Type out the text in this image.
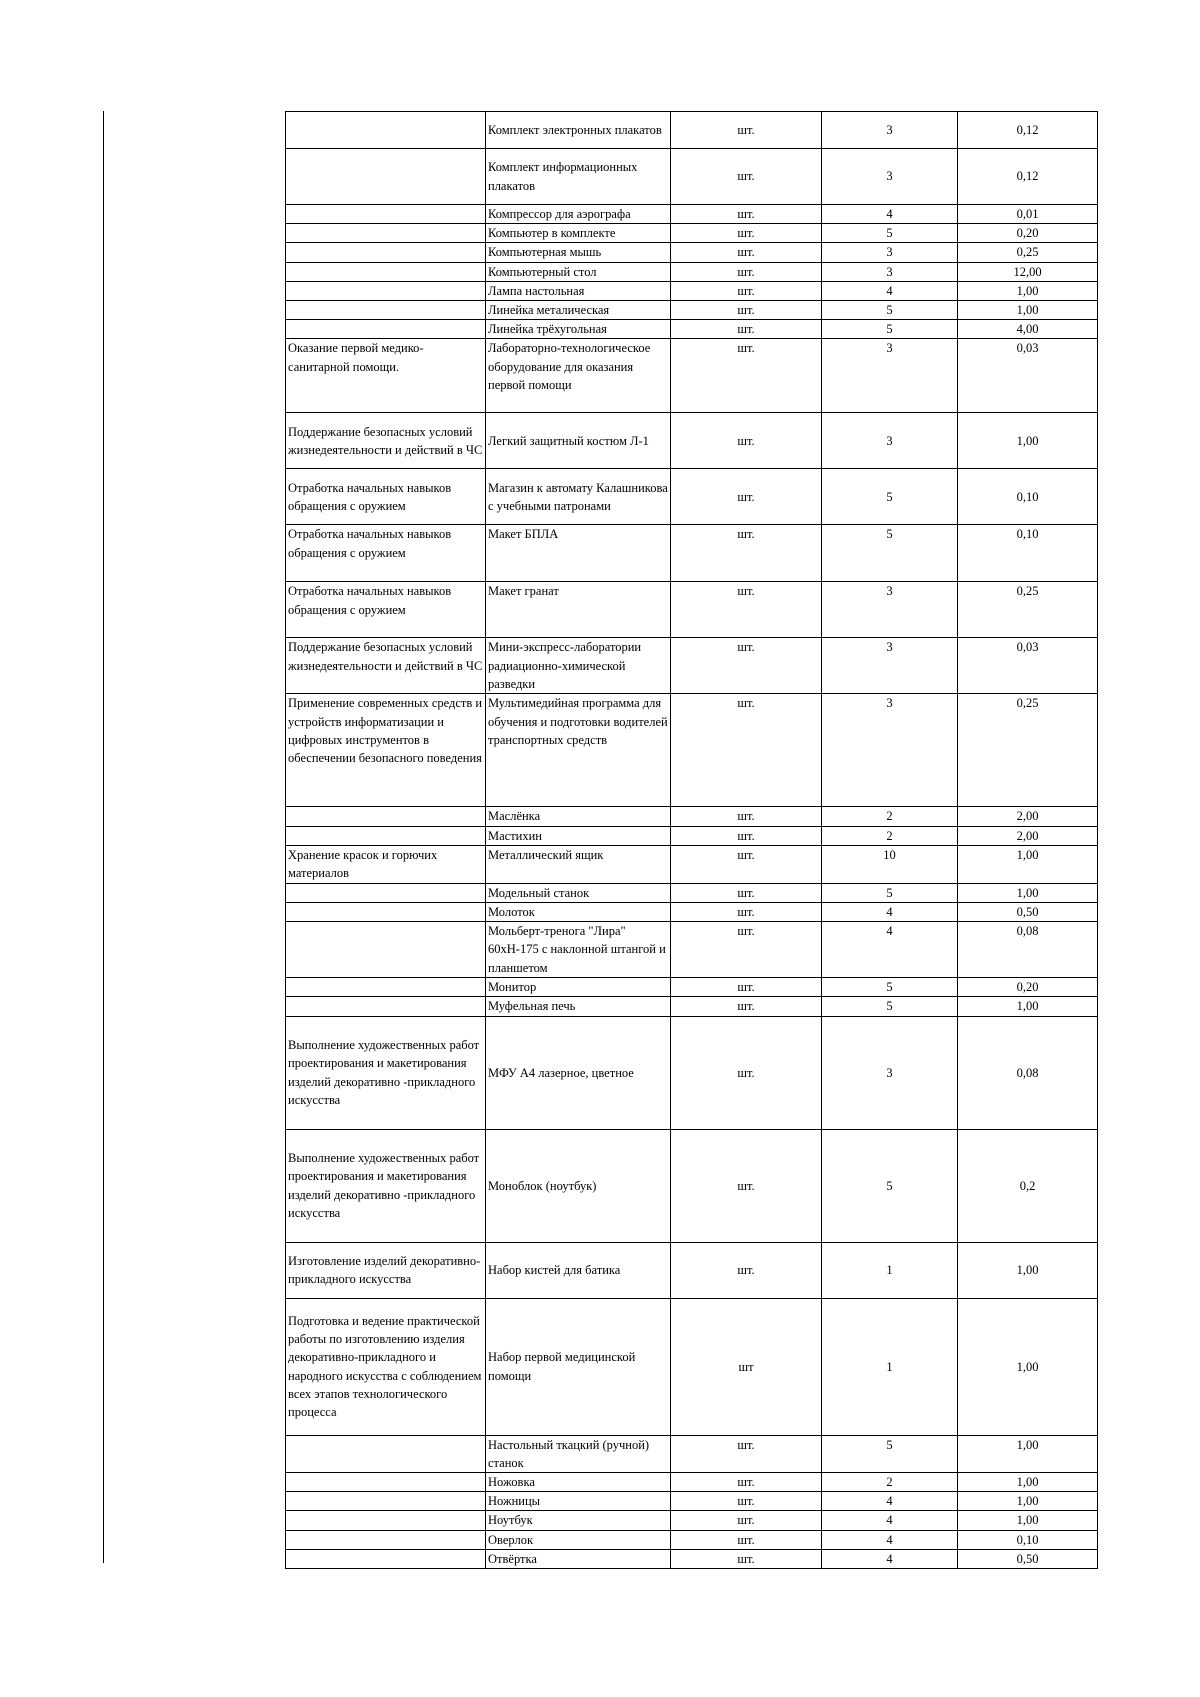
	Комплект электронных плакатов	шт.	3	0,12
	Комплект информационных плакатов	шт.	3	0,12
	Компрессор для аэрографа	шт.	4	0,01
	Компьютер в комплекте	шт.	5	0,20
	Компьютерная мышь	шт.	3	0,25
	Компьютерный стол	шт.	3	12,00
	Лампа настольная	шт.	4	1,00
	Линейка металическая	шт.	5	1,00
	Линейка трёхугольная	шт.	5	4,00
Оказание первой медико-санитарной помощи.	Лабораторно-технологическое оборудование для оказания первой помощи	шт.	3	0,03
Поддержание безопасных условий жизнедеятельности и действий в ЧС	Легкий защитный костюм Л-1	шт.	3	1,00
Отработка начальных навыков обращения с оружием	Магазин к автомату Калашникова с учебными патронами	шт.	5	0,10
Отработка начальных навыков обращения с оружием	Макет БПЛА	шт.	5	0,10
Отработка начальных навыков обращения с оружием	Макет гранат	шт.	3	0,25
Поддержание безопасных условий жизнедеятельности и действий в ЧС	Мини-экспресс-лаборатории радиационно-химической разведки	шт.	3	0,03
Применение современных средств и устройств информатизации и цифровых инструментов в обеспечении безопасного поведения	Мультимедийная программа для обучения и подготовки водителей транспортных средств	шт.	3	0,25
	Маслёнка	шт.	2	2,00
	Мастихин	шт.	2	2,00
Хранение красок и горючих материалов	Металлический ящик	шт.	10	1,00
	Модельный станок	шт.	5	1,00
	Молоток	шт.	4	0,50
	Мольберт-тренога "Лира" 60хН-175 с наклонной штангой и планшетом	шт.	4	0,08
	Монитор	шт.	5	0,20
	Муфельная печь	шт.	5	1,00
Выполнение художественных работ проектирования и макетирования изделий декоративно -прикладного искусства	МФУ А4 лазерное, цветное	шт.	3	0,08
Выполнение художественных работ проектирования и макетирования изделий декоративно -прикладного искусства	Моноблок (ноутбук)	шт.	5	0,2
Изготовление изделий декоративно-прикладного искусства	Набор кистей для батика	шт.	1	1,00
Подготовка и ведение практической работы по изготовлению изделия декоративно-прикладного и народного искусства с соблюдением всех этапов технологического процесса	Набор первой медицинской помощи	шт	1	1,00
	Настольный ткацкий (ручной) станок	шт.	5	1,00
	Ножовка	шт.	2	1,00
	Ножницы	шт.	4	1,00
	Ноутбук	шт.	4	1,00
	Оверлок	шт.	4	0,10
	Отвёртка	шт.	4	0,50
